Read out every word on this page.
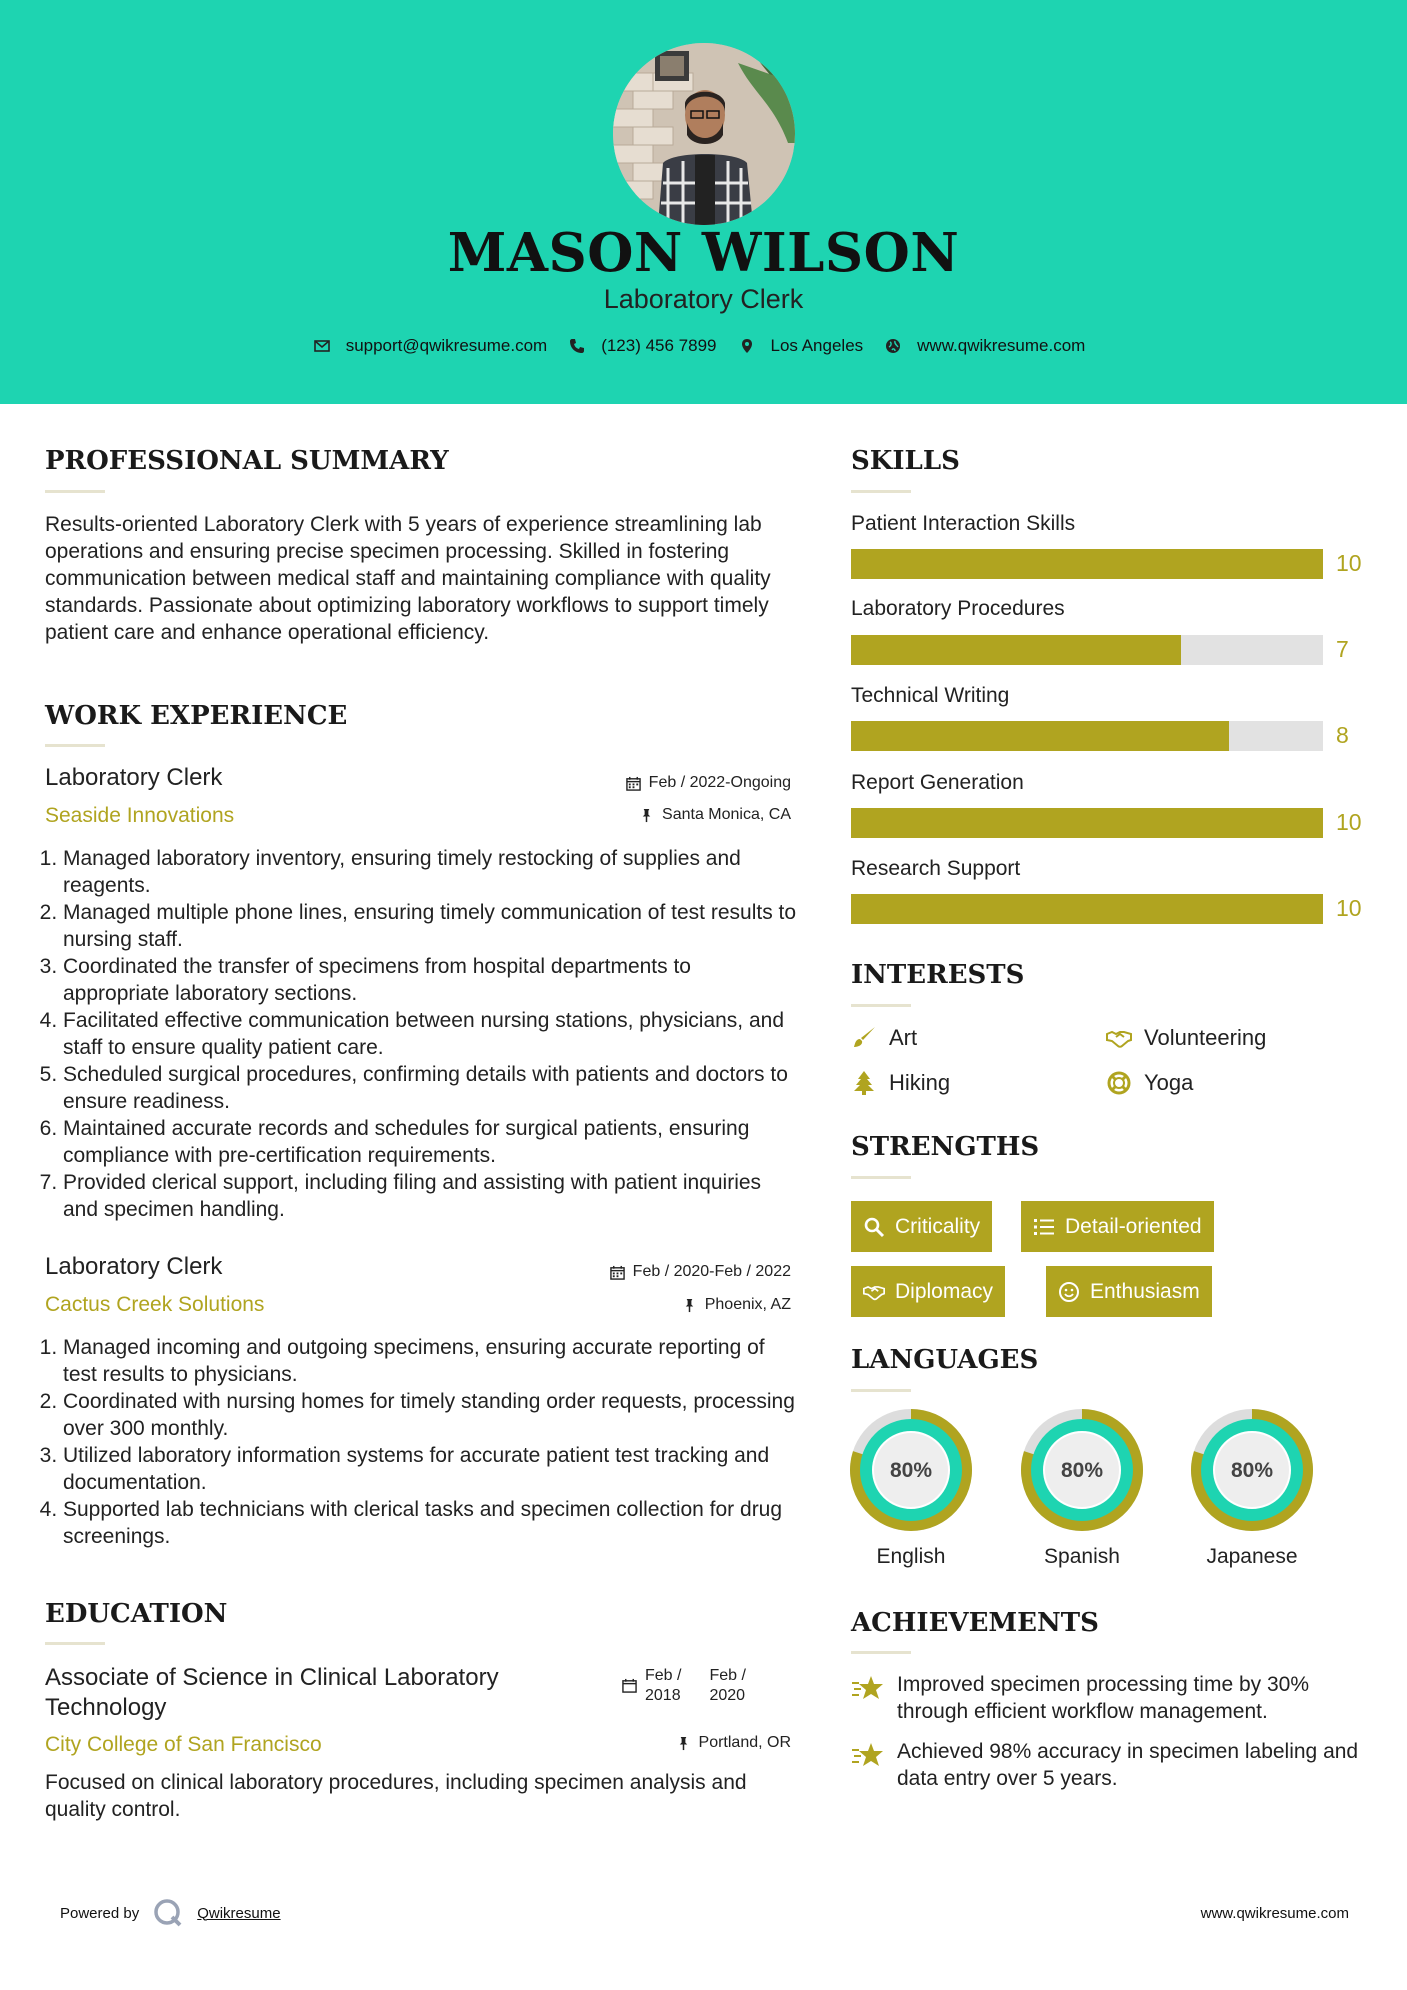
MASON WILSON
Laboratory Clerk
support@qwikresume.com	(123) 456 7899	Los Angeles	www.qwikresume.com
PROFESSIONAL SUMMARY
Results-oriented Laboratory Clerk with 5 years of experience streamlining lab operations and ensuring precise specimen processing. Skilled in fostering communication between medical staff and maintaining compliance with quality standards. Passionate about optimizing laboratory workflows to support timely patient care and enhance operational efficiency.
WORK EXPERIENCE
Laboratory Clerk	Feb / 2022-Ongoing
Seaside Innovations	Santa Monica, CA
1. Managed laboratory inventory, ensuring timely restocking of supplies and reagents.
2. Managed multiple phone lines, ensuring timely communication of test results to nursing staff.
3. Coordinated the transfer of specimens from hospital departments to appropriate laboratory sections.
4. Facilitated effective communication between nursing stations, physicians, and staff to ensure quality patient care.
5. Scheduled surgical procedures, confirming details with patients and doctors to ensure readiness.
6. Maintained accurate records and schedules for surgical patients, ensuring compliance with pre-certification requirements.
7. Provided clerical support, including filing and assisting with patient inquiries and specimen handling.
Laboratory Clerk	Feb / 2020-Feb / 2022
Cactus Creek Solutions	Phoenix, AZ
1. Managed incoming and outgoing specimens, ensuring accurate reporting of test results to physicians.
2. Coordinated with nursing homes for timely standing order requests, processing over 300 monthly.
3. Utilized laboratory information systems for accurate patient test tracking and documentation.
4. Supported lab technicians with clerical tasks and specimen collection for drug screenings.
EDUCATION
Associate of Science in Clinical Laboratory Technology
Feb /
2018
Feb /
2020
City College of San Francisco	Portland, OR
Focused on clinical laboratory procedures, including specimen analysis and quality control.
SKILLS
Patient Interaction Skills
10
Laboratory Procedures
7
Technical Writing
8
Report Generation
10
Research Support
10
INTERESTS
Art	Volunteering
Hiking	Yoga
STRENGTHS
Criticality	Detail-oriented
Diplomacy	Enthusiasm
LANGUAGES
80%
English
80%
Spanish
80%
Japanese
ACHIEVEMENTS
Improved specimen processing time by 30% through efficient workflow management.
Achieved 98% accuracy in specimen labeling and data entry over 5 years.
Powered by	Qwikresume	www.qwikresume.com
